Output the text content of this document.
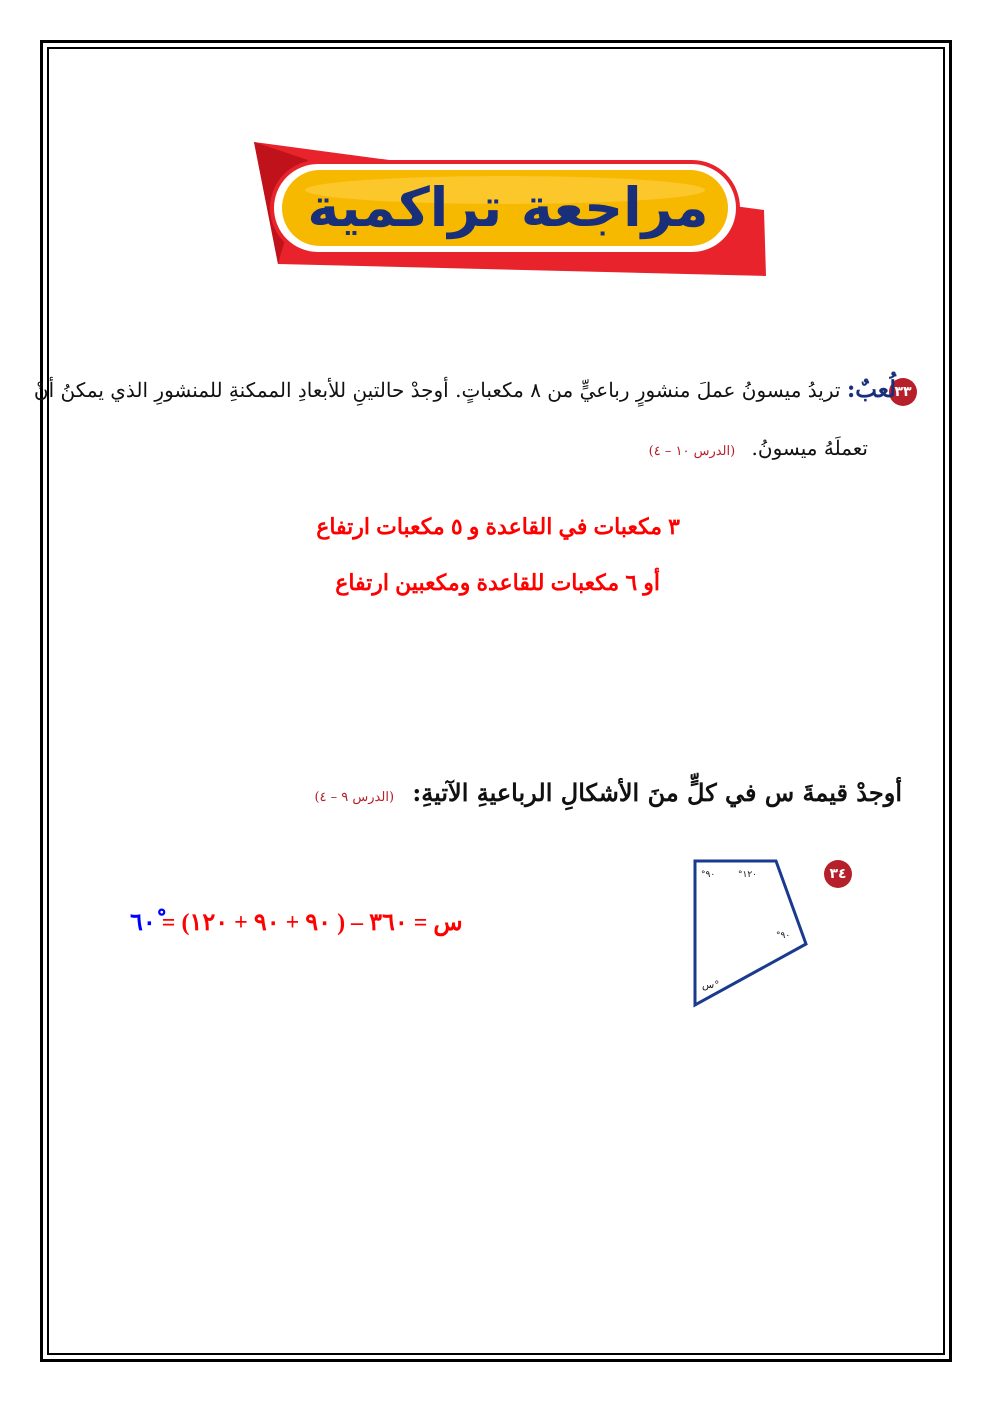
مراجعة تراكمية
٣٣
لُعبٌ: تريدُ ميسونُ عملَ منشورٍ رباعيٍّ من ٨ مكعباتٍ. أوجدْ حالتينِ للأبعادِ الممكنةِ للمنشورِ الذي يمكنُ أنْ
تعملَهُ ميسونُ. (الدرس ١٠ – ٤)
٣ مكعبات في القاعدة و ٥ مكعبات ارتفاع
أو ٦ مكعبات للقاعدة ومكعبين ارتفاع
أوجدْ قيمةَ س في كلٍّ منَ الأشكالِ الرباعيةِ الآتيةِ: (الدرس ٩ – ٤)
٣٤
°٩٠	°١٢٠
°٩٠
س°
س = ٣٦٠ – ( ٩٠ + ٩٠ + ١٢٠) = ٦٠ْ
